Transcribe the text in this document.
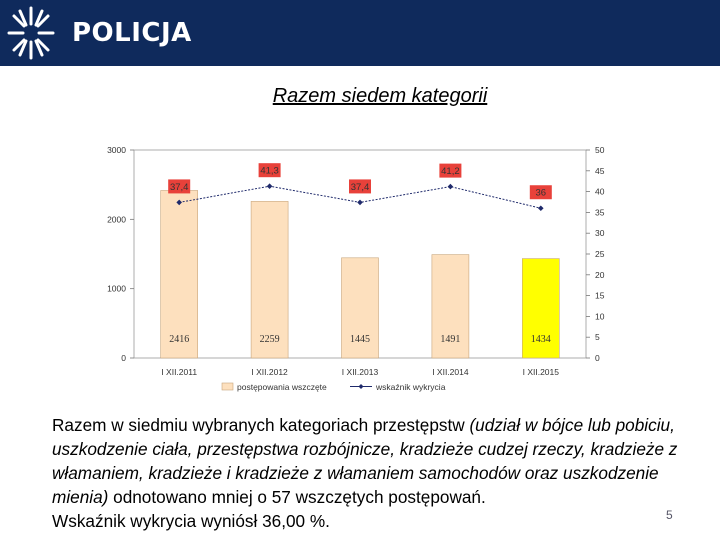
POLICJA
Razem siedem kategorii
0
1000
2000
3000
0
5
10
15
20
25
30
35
40
45
50
2416	2259	1445	1491	1434
37,4
41,3
37,4
41,2
36
I XII.2011	I XII.2012	I XII.2013	I XII.2014	I XII.2015
postępowania wszczęte	wskaźnik wykrycia
Razem w siedmiu wybranych kategoriach przestępstw (udział w bójce lub pobiciu, uszkodzenie ciała, przestępstwa rozbójnicze, kradzieże cudzej rzeczy, kradzieże z włamaniem, kradzieże i kradzieże z włamaniem samochodów oraz uszkodzenie mienia) odnotowano mniej o 57 wszczętych postępowań.
Wskaźnik wykrycia wyniósł 36,00 %.	5
